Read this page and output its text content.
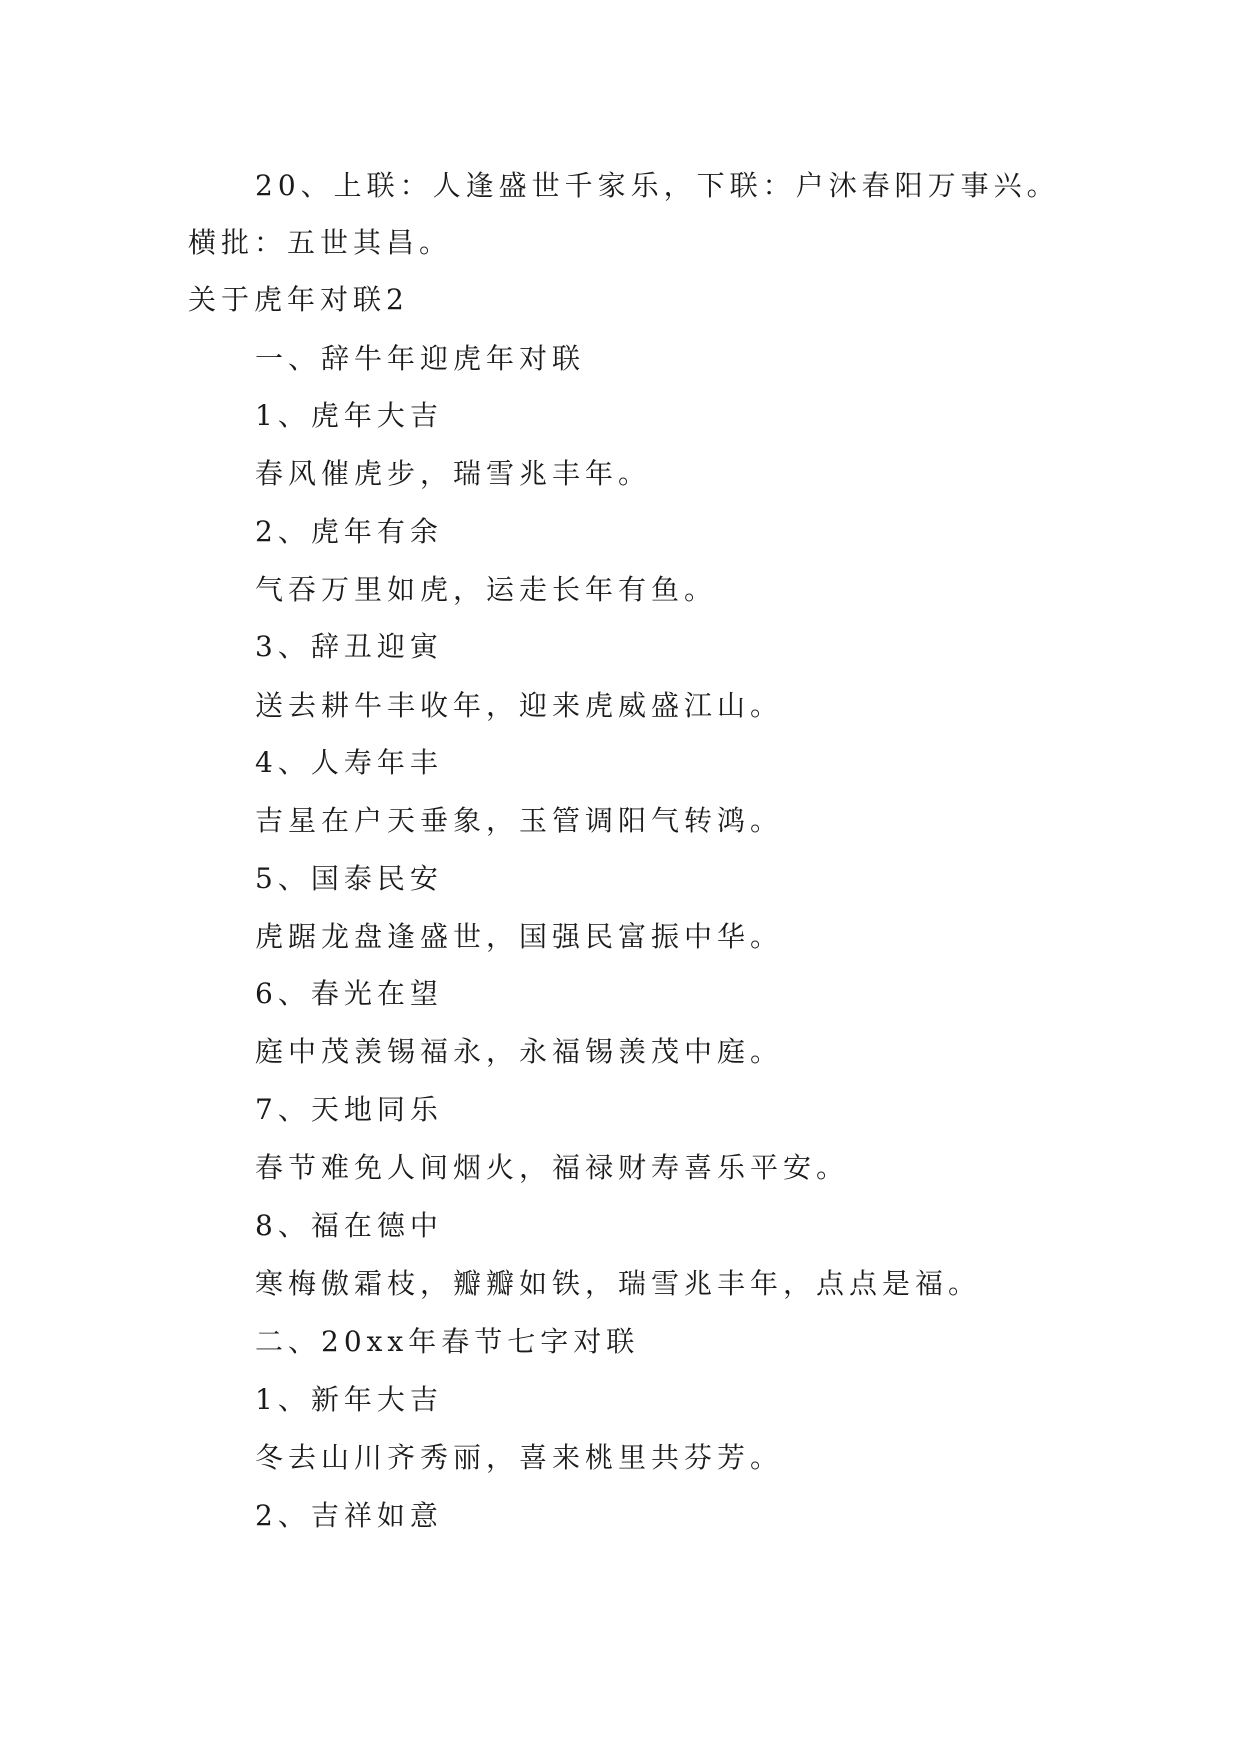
20、上联：人逢盛世千家乐，下联：户沐春阳万事兴。
横批：五世其昌。
关于虎年对联2
一、辞牛年迎虎年对联
1、虎年大吉
春风催虎步，瑞雪兆丰年。
2、虎年有余
气吞万里如虎，运走长年有鱼。
3、辞丑迎寅
送去耕牛丰收年，迎来虎威盛江山。
4、人寿年丰
吉星在户天垂象，玉管调阳气转鸿。
5、国泰民安
虎踞龙盘逢盛世，国强民富振中华。
6、春光在望
庭中茂羡锡福永，永福锡羡茂中庭。
7、天地同乐
春节难免人间烟火，福禄财寿喜乐平安。
8、福在德中
寒梅傲霜枝，瓣瓣如铁，瑞雪兆丰年，点点是福。
二、20xx年春节七字对联
1、新年大吉
冬去山川齐秀丽，喜来桃里共芬芳。
2、吉祥如意
